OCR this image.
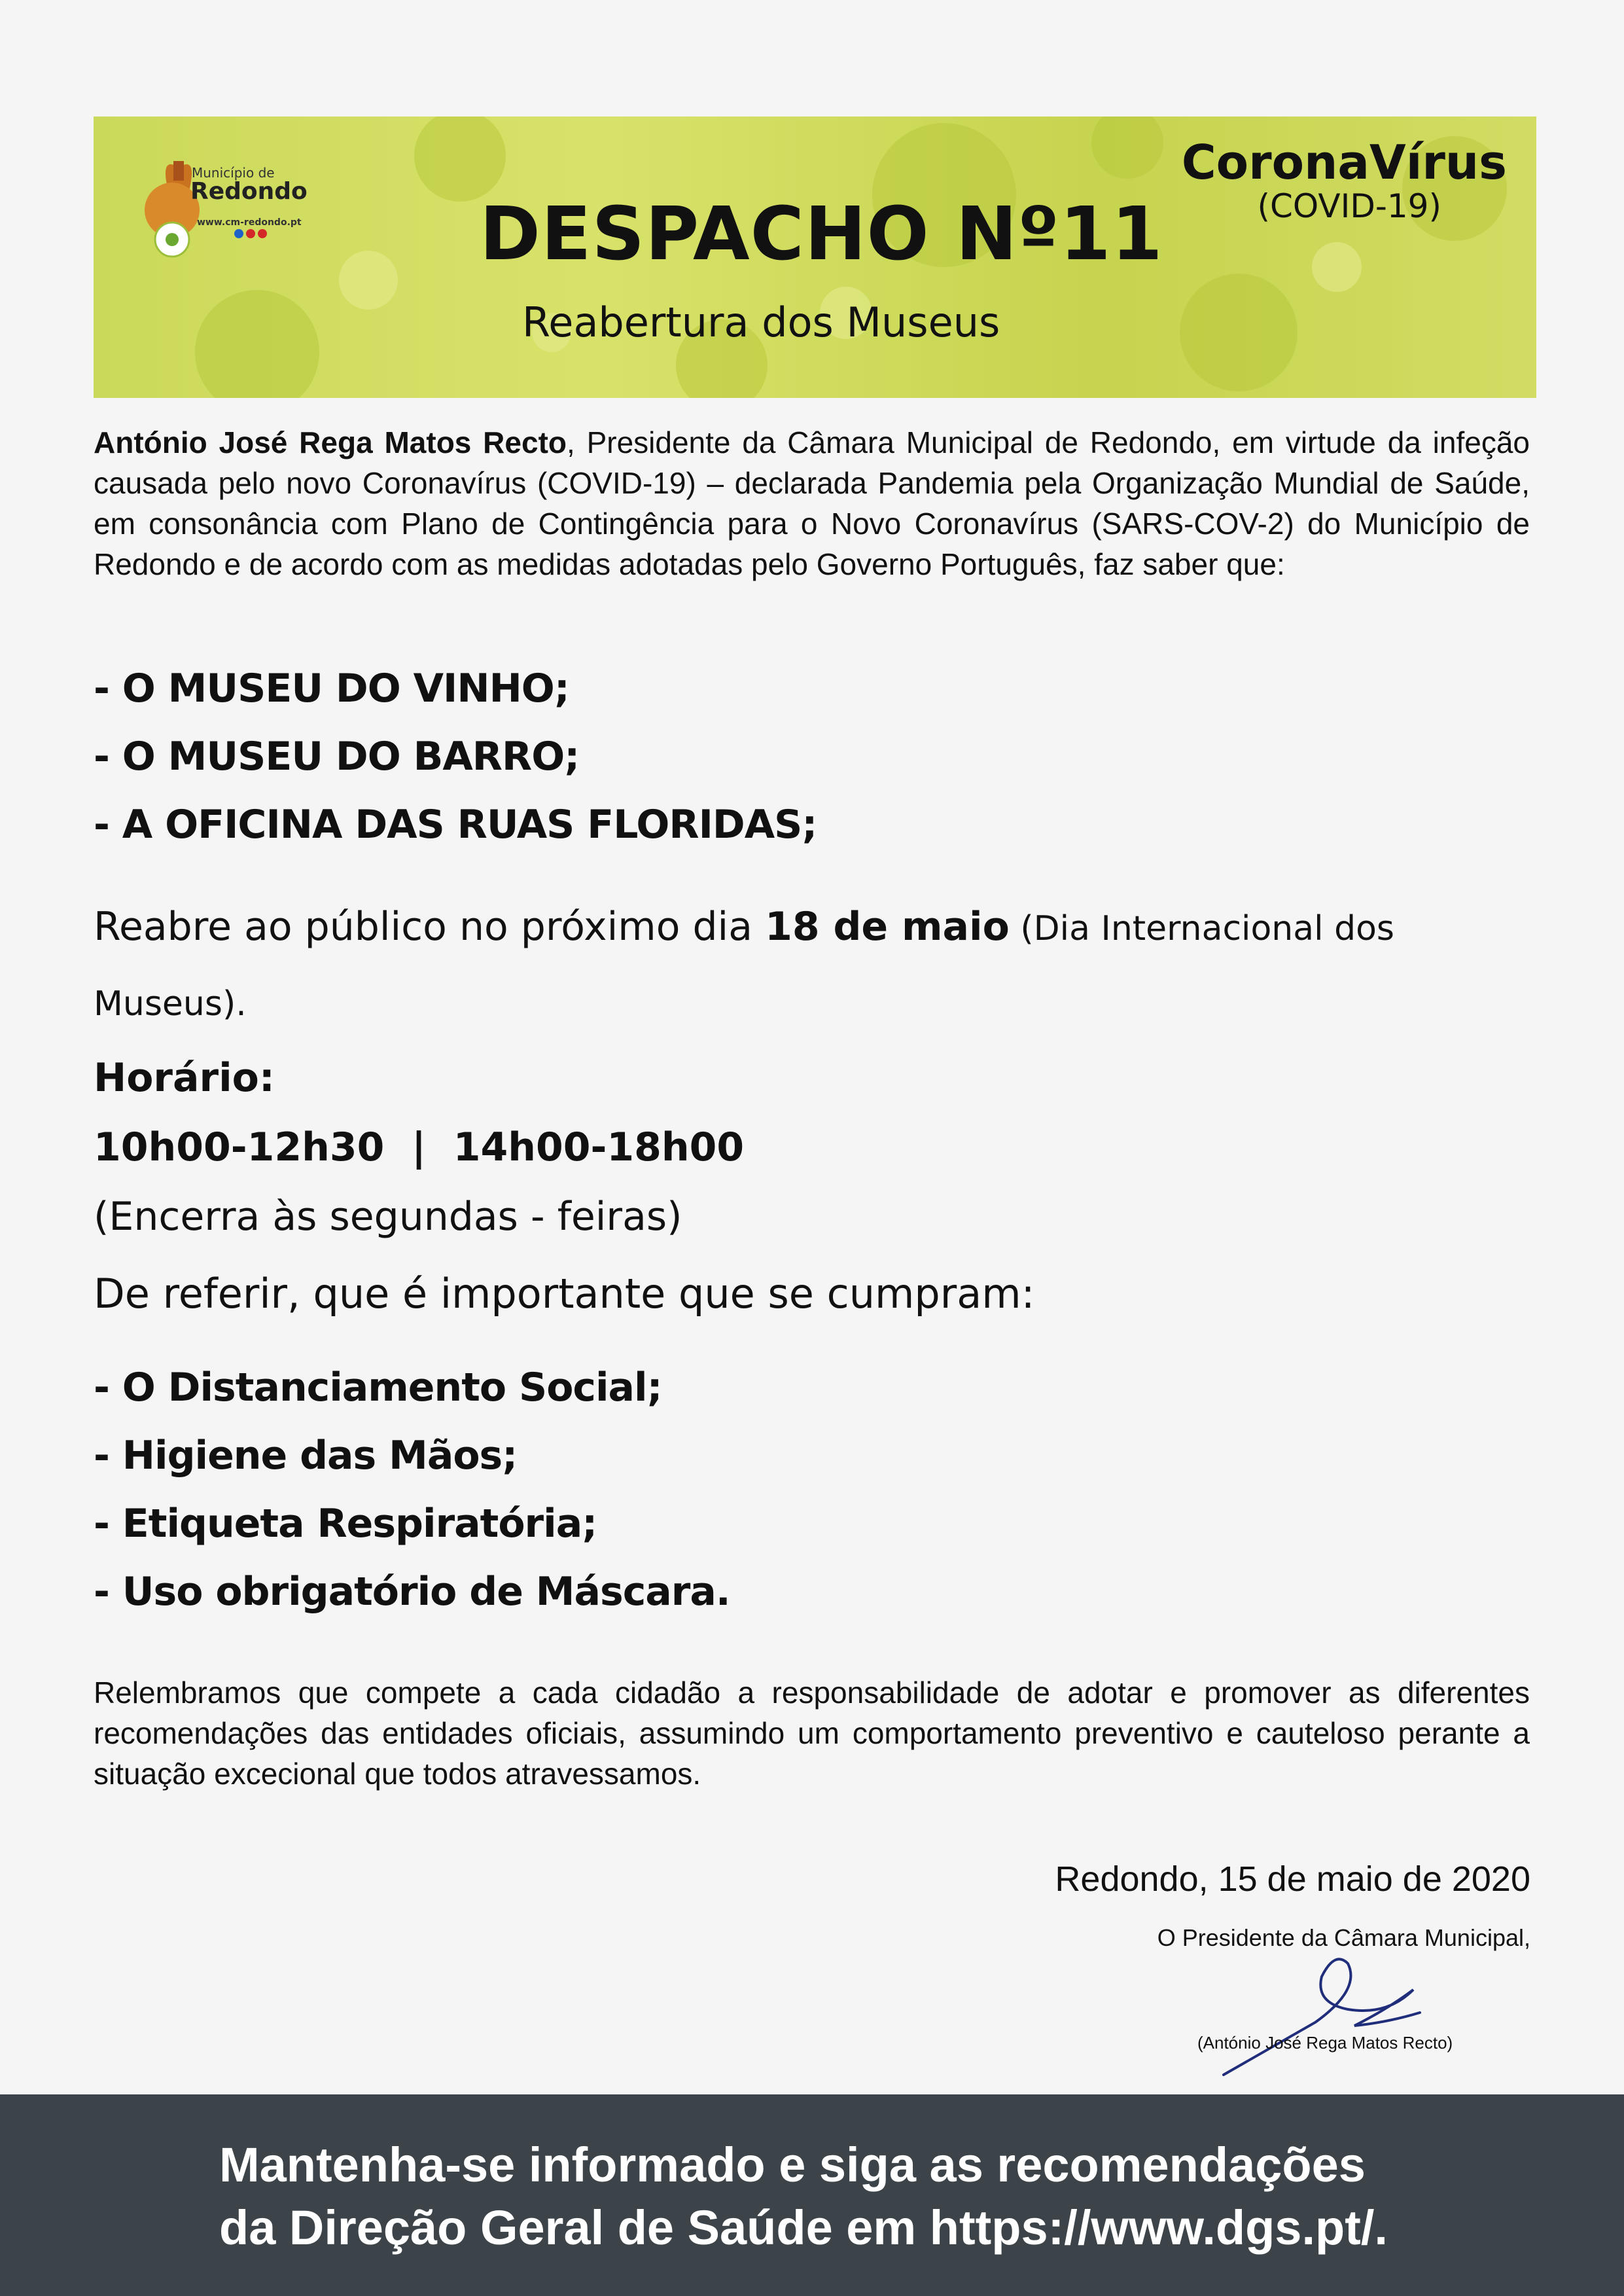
Município de
Redondo
www.cm-redondo.pt DESPACHO Nº11
Reabertura dos Museus
CoronaVírus
(COVID-19)
António José Rega Matos Recto, Presidente da Câmara Municipal de Redondo, em virtude da infeção causada pelo novo Coronavírus (COVID-19) – declarada Pandemia pela Organização Mundial de Saúde, em consonância com Plano de Contingência para o Novo Coronavírus (SARS-COV-2) do Município de Redondo e de acordo com as medidas adotadas pelo Governo Português, faz saber que:
- O MUSEU DO VINHO;
- O MUSEU DO BARRO;
- A OFICINA DAS RUAS FLORIDAS;
Reabre ao público no próximo dia 18 de maio (Dia Internacional dos Museus).
Horário:
10h00-12h30  |  14h00-18h00
(Encerra às segundas - feiras)
De referir, que é importante que se cumpram:
- O Distanciamento Social;
- Higiene das Mãos;
- Etiqueta Respiratória;
- Uso obrigatório de Máscara.
Relembramos que compete a cada cidadão a responsabilidade de adotar e promover as diferentes recomendações das entidades oficiais, assumindo um comportamento preventivo e cauteloso perante a situação excecional que todos atravessamos.
Redondo, 15 de maio de 2020
O Presidente da Câmara Municipal,
(António José Rega Matos Recto)
Mantenha-se informado e siga as recomendações
da Direção Geral de Saúde em https://www.dgs.pt/.
